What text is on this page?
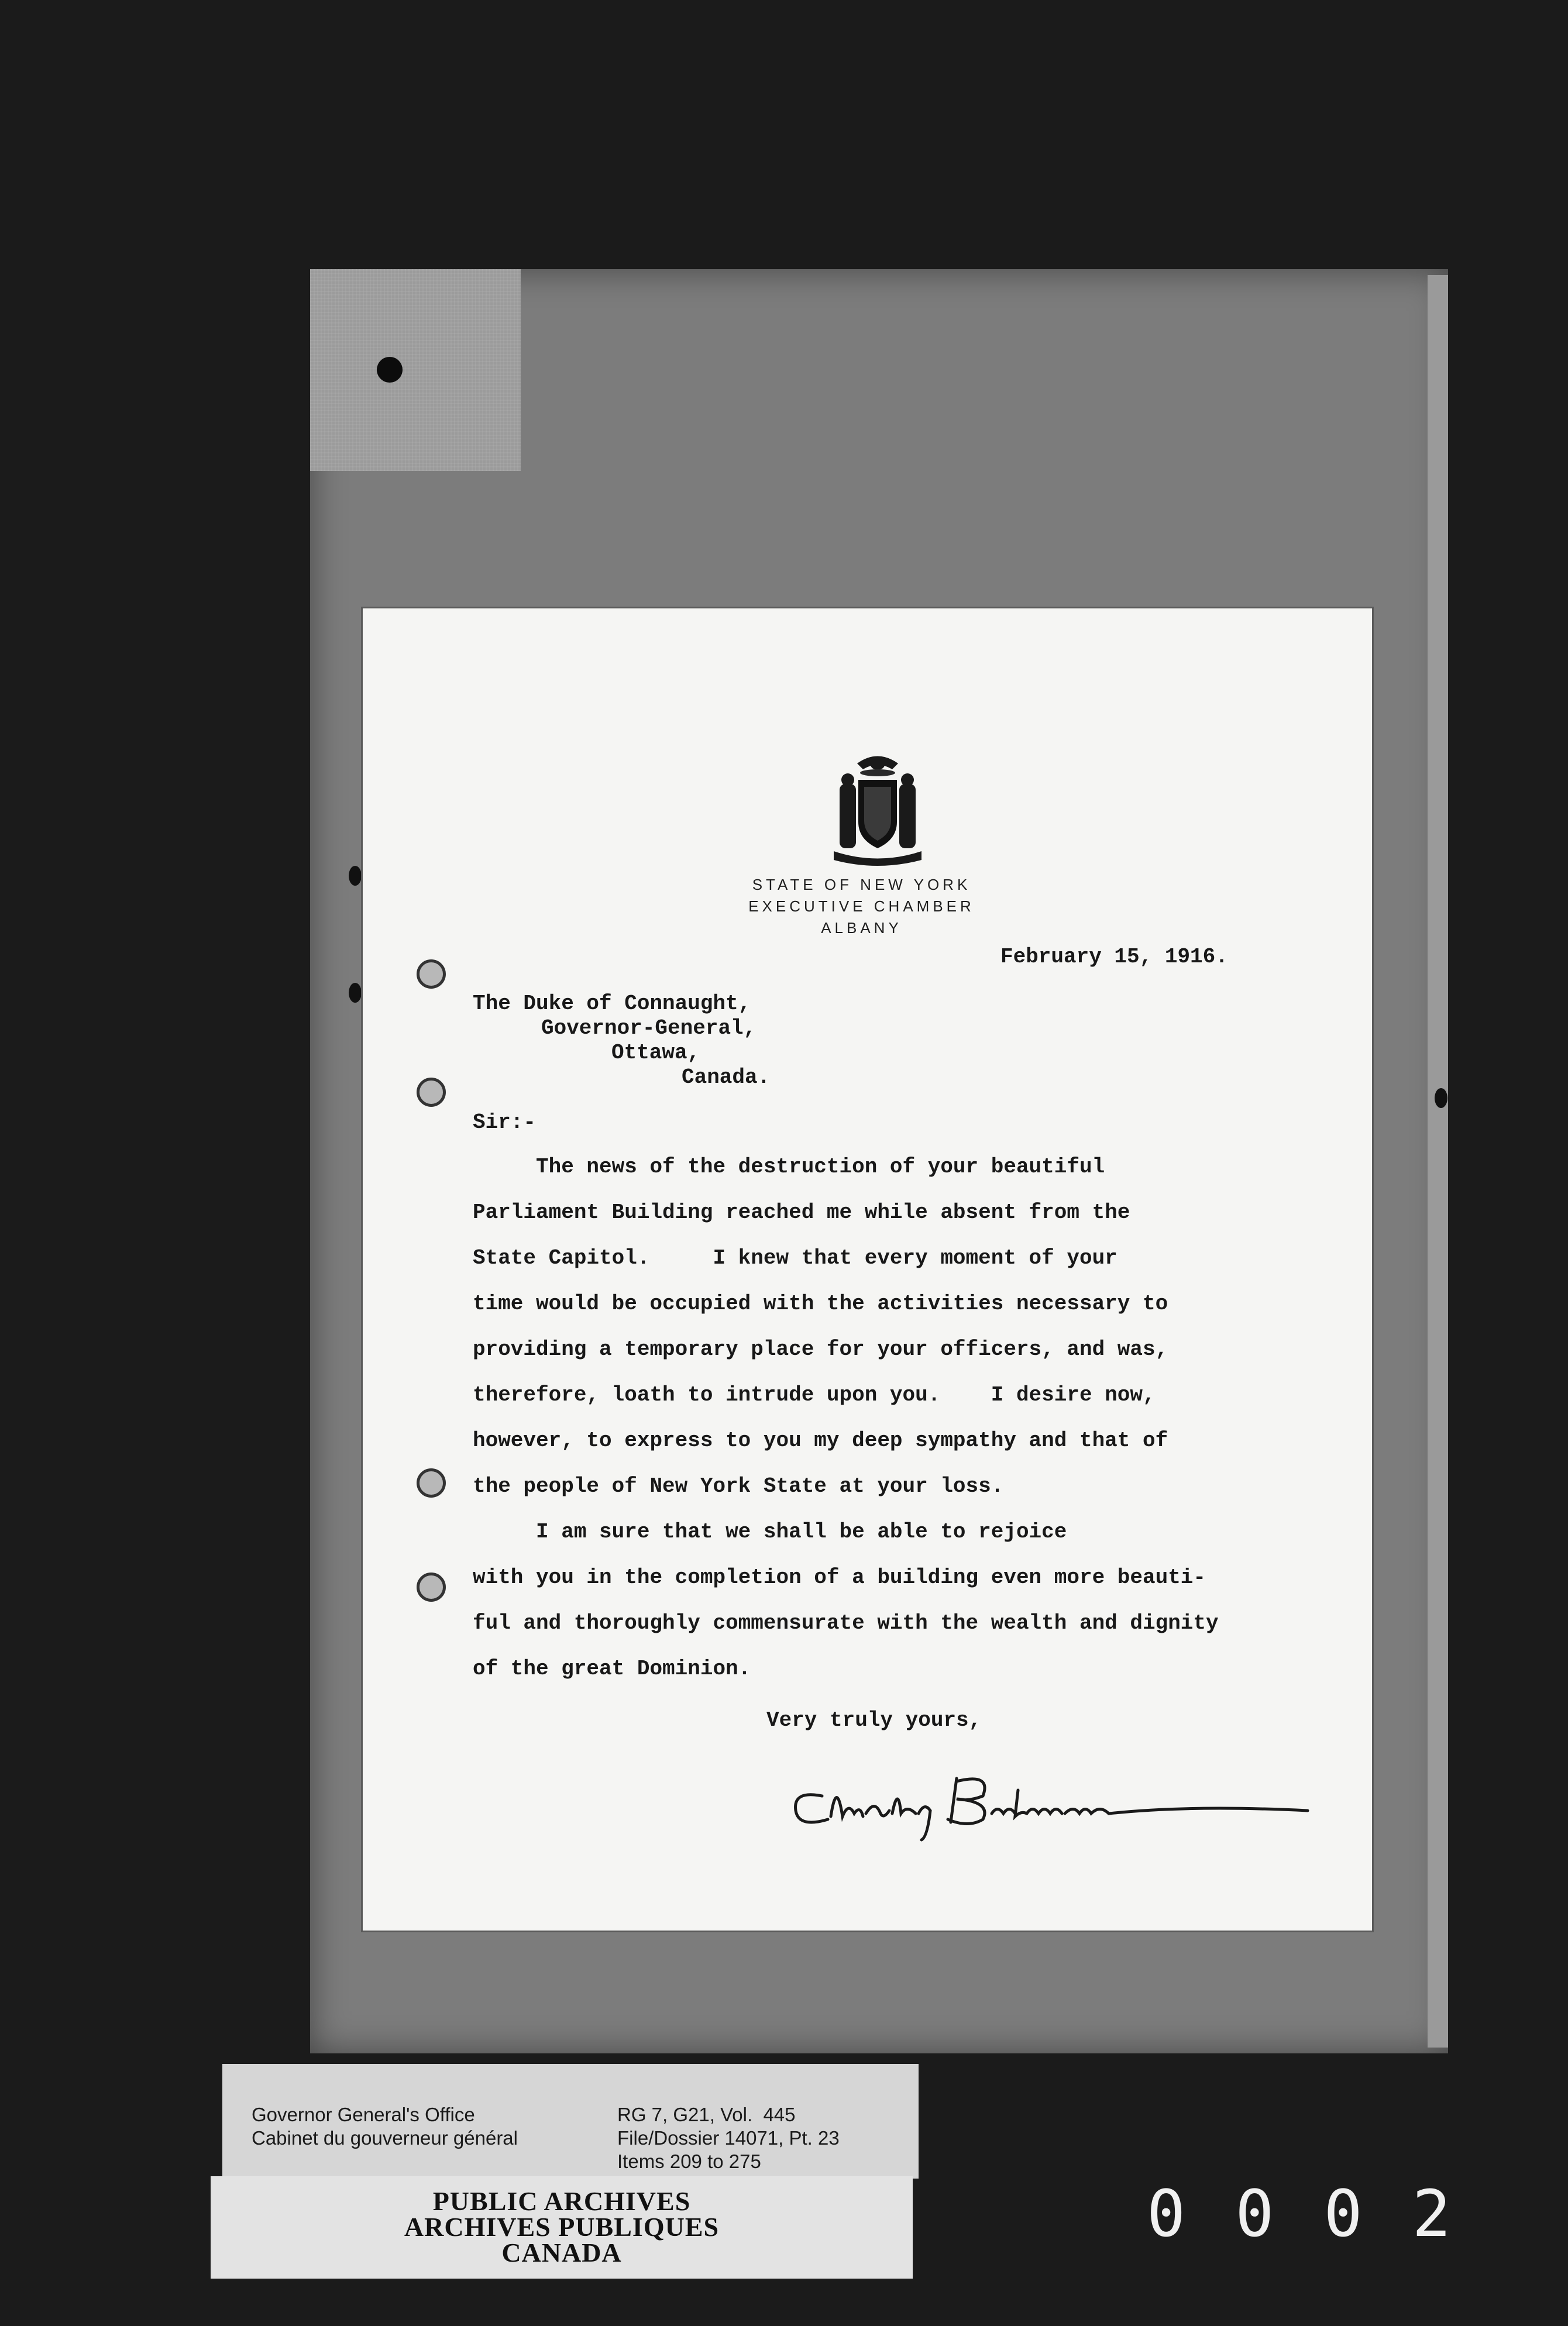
STATE OF NEW YORK
EXECUTIVE CHAMBER
ALBANY
February 15, 1916.
The Duke of Connaught,
Governor-General,
Ottawa,
Canada.
Sir:-
The news of the destruction of your beautiful
Parliament Building reached me while absent from the
State Capitol.     I knew that every moment of your
time would be occupied with the activities necessary to
providing a temporary place for your officers, and was,
therefore, loath to intrude upon you.    I desire now,
however, to express to you my deep sympathy and that of
the people of New York State at your loss.
I am sure that we shall be able to rejoice
with you in the completion of a building even more beauti-
ful and thoroughly commensurate with the wealth and dignity
of the great Dominion.
Very truly yours,
Governor General's Office
Cabinet du gouverneur général
RG 7, G21, Vol.  445
File/Dossier 14071, Pt. 23
Items 209 to 275
PUBLIC ARCHIVES
ARCHIVES PUBLIQUES
CANADA
0002
